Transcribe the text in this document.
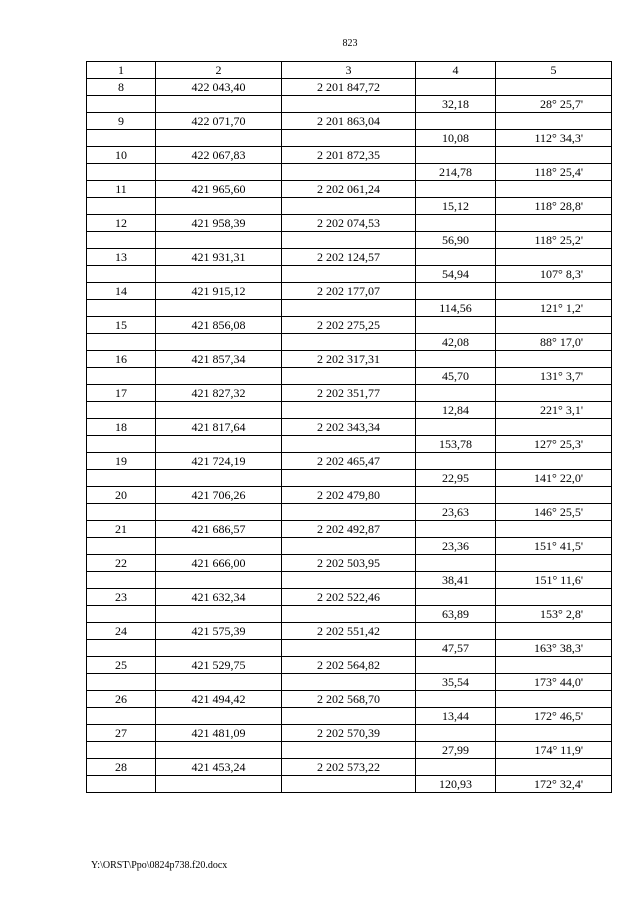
823
1	2	3	4	5
8	422 043,40	2 201 847,72		
			32,18	28° 25,7'
9	422 071,70	2 201 863,04		
			10,08	112° 34,3'
10	422 067,83	2 201 872,35		
			214,78	118° 25,4'
11	421 965,60	2 202 061,24		
			15,12	118° 28,8'
12	421 958,39	2 202 074,53		
			56,90	118° 25,2'
13	421 931,31	2 202 124,57		
			54,94	107° 8,3'
14	421 915,12	2 202 177,07		
			114,56	121° 1,2'
15	421 856,08	2 202 275,25		
			42,08	88° 17,0'
16	421 857,34	2 202 317,31		
			45,70	131° 3,7'
17	421 827,32	2 202 351,77		
			12,84	221° 3,1'
18	421 817,64	2 202 343,34		
			153,78	127° 25,3'
19	421 724,19	2 202 465,47		
			22,95	141° 22,0'
20	421 706,26	2 202 479,80		
			23,63	146° 25,5'
21	421 686,57	2 202 492,87		
			23,36	151° 41,5'
22	421 666,00	2 202 503,95		
			38,41	151° 11,6'
23	421 632,34	2 202 522,46		
			63,89	153° 2,8'
24	421 575,39	2 202 551,42		
			47,57	163° 38,3'
25	421 529,75	2 202 564,82		
			35,54	173° 44,0'
26	421 494,42	2 202 568,70		
			13,44	172° 46,5'
27	421 481,09	2 202 570,39		
			27,99	174° 11,9'
28	421 453,24	2 202 573,22		
			120,93	172° 32,4'
Y:\ORST\Ppo\0824p738.f20.docx
